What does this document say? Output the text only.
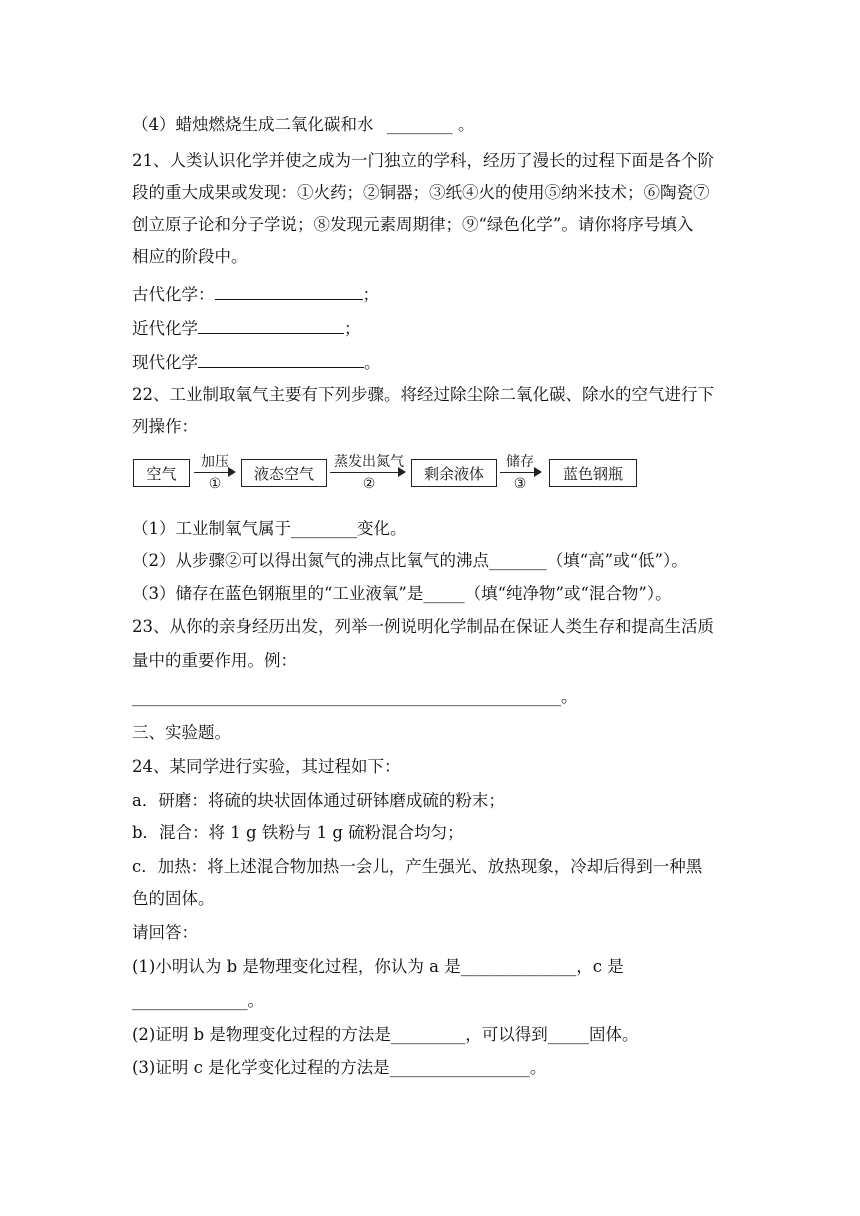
（4）蜡烛燃烧生成二氧化碳和水 ________ 。
21、人类认识化学并使之成为一门独立的学科，经历了漫长的过程下面是各个阶
段的重大成果或发现：①火药；②铜器；③纸④火的使用⑤纳米技术；⑥陶瓷⑦
创立原子论和分子学说；⑧发现元素周期律；⑨“绿色化学”。请你将序号填入
相应的阶段中。
古代化学：	；
近代化学	；
现代化学	。
22、工业制取氧气主要有下列步骤。将经过除尘除二氧化碳、除水的空气进行下
列操作：
空气
加压
①
液态空气
蒸发出氮气
②
剩余液体
储存
③
蓝色钢瓶
（1）工业制氧气属于________变化。
（2）从步骤②可以得出氮气的沸点比氧气的沸点_______（填“高”或“低”）。
（3）储存在蓝色钢瓶里的“工业液氧”是_____（填“纯净物”或“混合物”）。
23、从你的亲身经历出发，列举一例说明化学制品在保证人类生存和提高生活质
量中的重要作用。例：
____________________________________________________。
三、实验题。
24、某同学进行实验，其过程如下：
a．研磨：将硫的块状固体通过研钵磨成硫的粉末；
b．混合：将 1 g 铁粉与 1 g 硫粉混合均匀；
c．加热：将上述混合物加热一会儿，产生强光、放热现象，冷却后得到一种黑
色的固体。
请回答：
(1)小明认为 b 是物理变化过程，你认为 a 是______________，c 是
______________。
(2)证明 b 是物理变化过程的方法是_________，可以得到_____固体。
(3)证明 c 是化学变化过程的方法是_________________。
